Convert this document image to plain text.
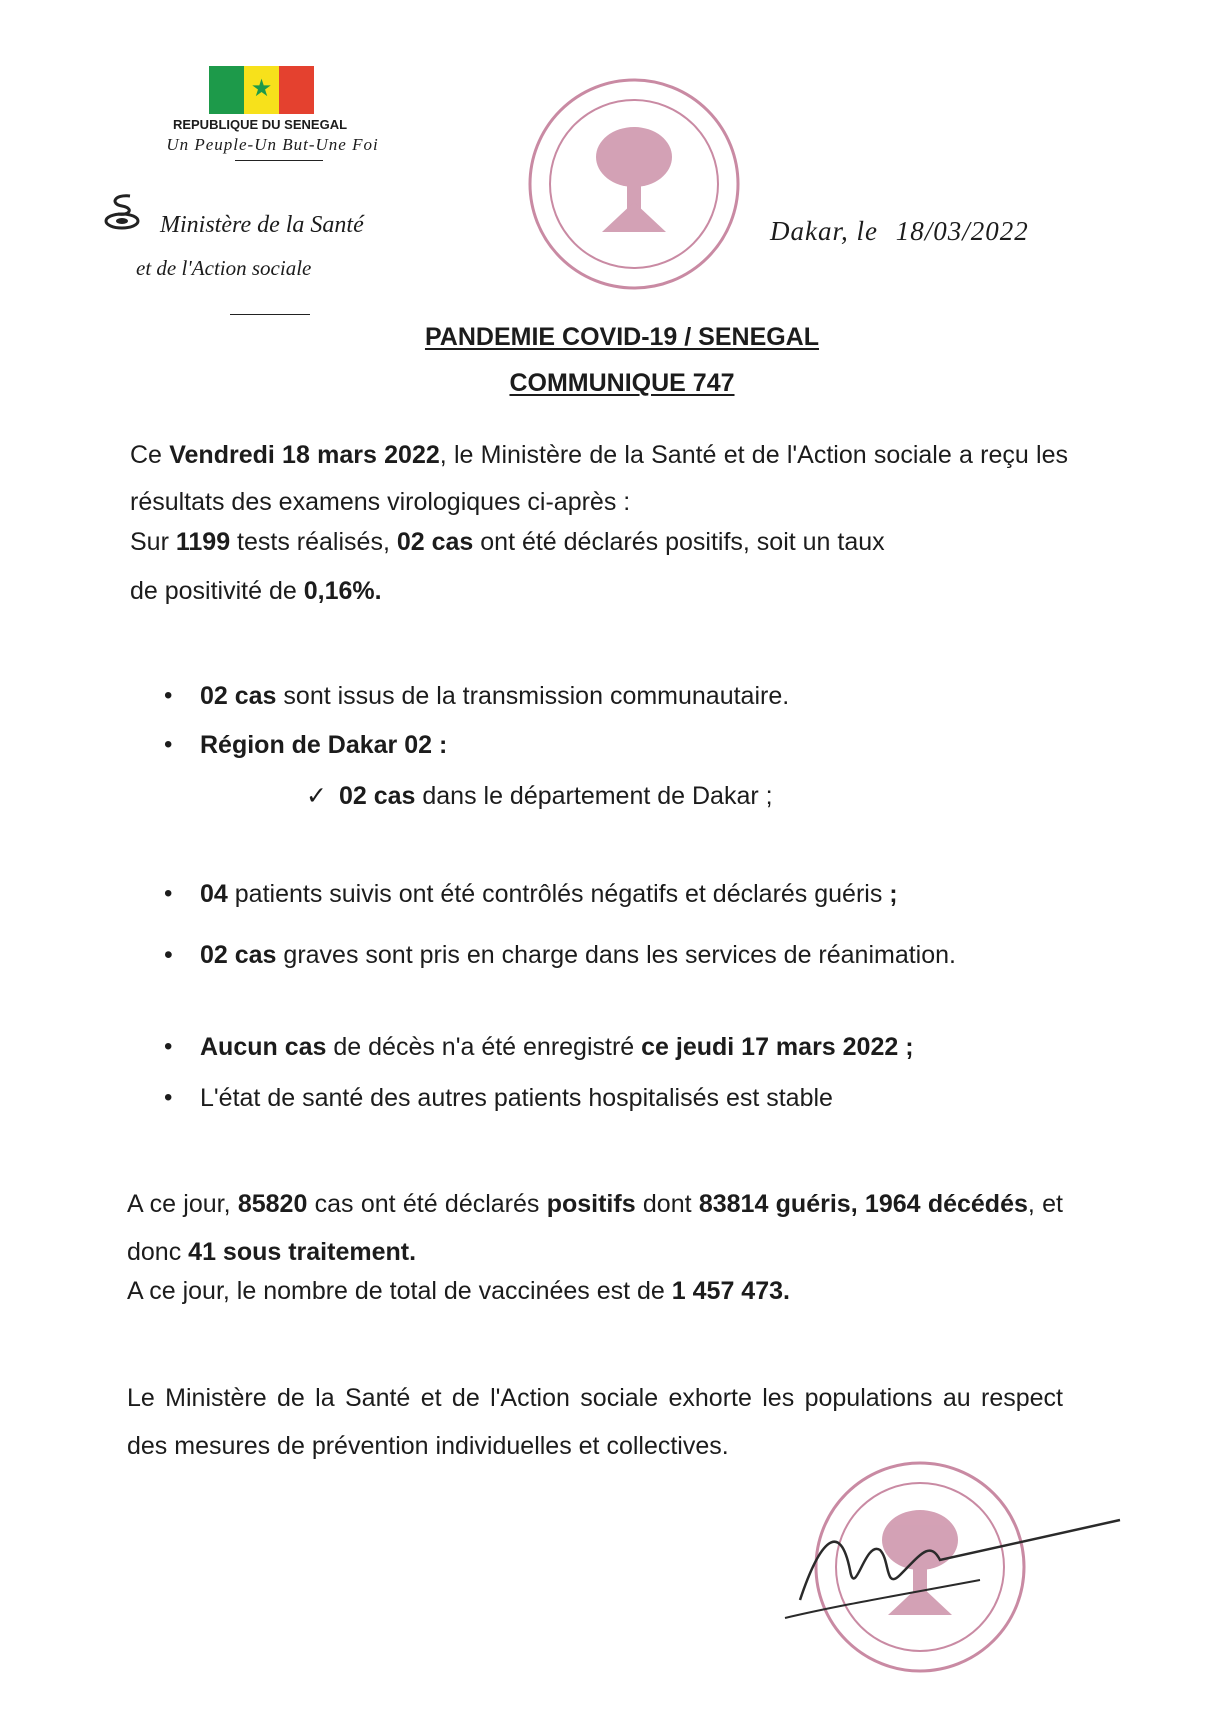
★
REPUBLIQUE DU SENEGAL
Un Peuple-Un But-Une Foi
Ministère de la Santé
et de l'Action sociale
Dakar, le 18/03/2022
PANDEMIE COVID-19 / SENEGAL
COMMUNIQUE 747
Ce Vendredi 18 mars 2022, le Ministère de la Santé et de l'Action sociale a reçu les résultats des examens virologiques ci-après :
Sur 1199 tests réalisés, 02 cas ont été déclarés positifs, soit un taux
de positivité de 0,16%.
• 02 cas sont issus de la transmission communautaire.
• Région de Dakar 02 :
✓ 02 cas dans le département de Dakar ;
• 04 patients suivis ont été contrôlés négatifs et déclarés guéris ;
• 02 cas graves sont pris en charge dans les services de réanimation.
• Aucun cas de décès n'a été enregistré ce jeudi 17 mars 2022 ;
• L'état de santé des autres patients hospitalisés est stable
A ce jour, 85820 cas ont été déclarés positifs dont 83814 guéris, 1964 décédés, et donc 41 sous traitement.
A ce jour, le nombre de total de vaccinées est de 1 457 473.
Le Ministère de la Santé et de l'Action sociale exhorte les populations au respect des mesures de prévention individuelles et collectives.
